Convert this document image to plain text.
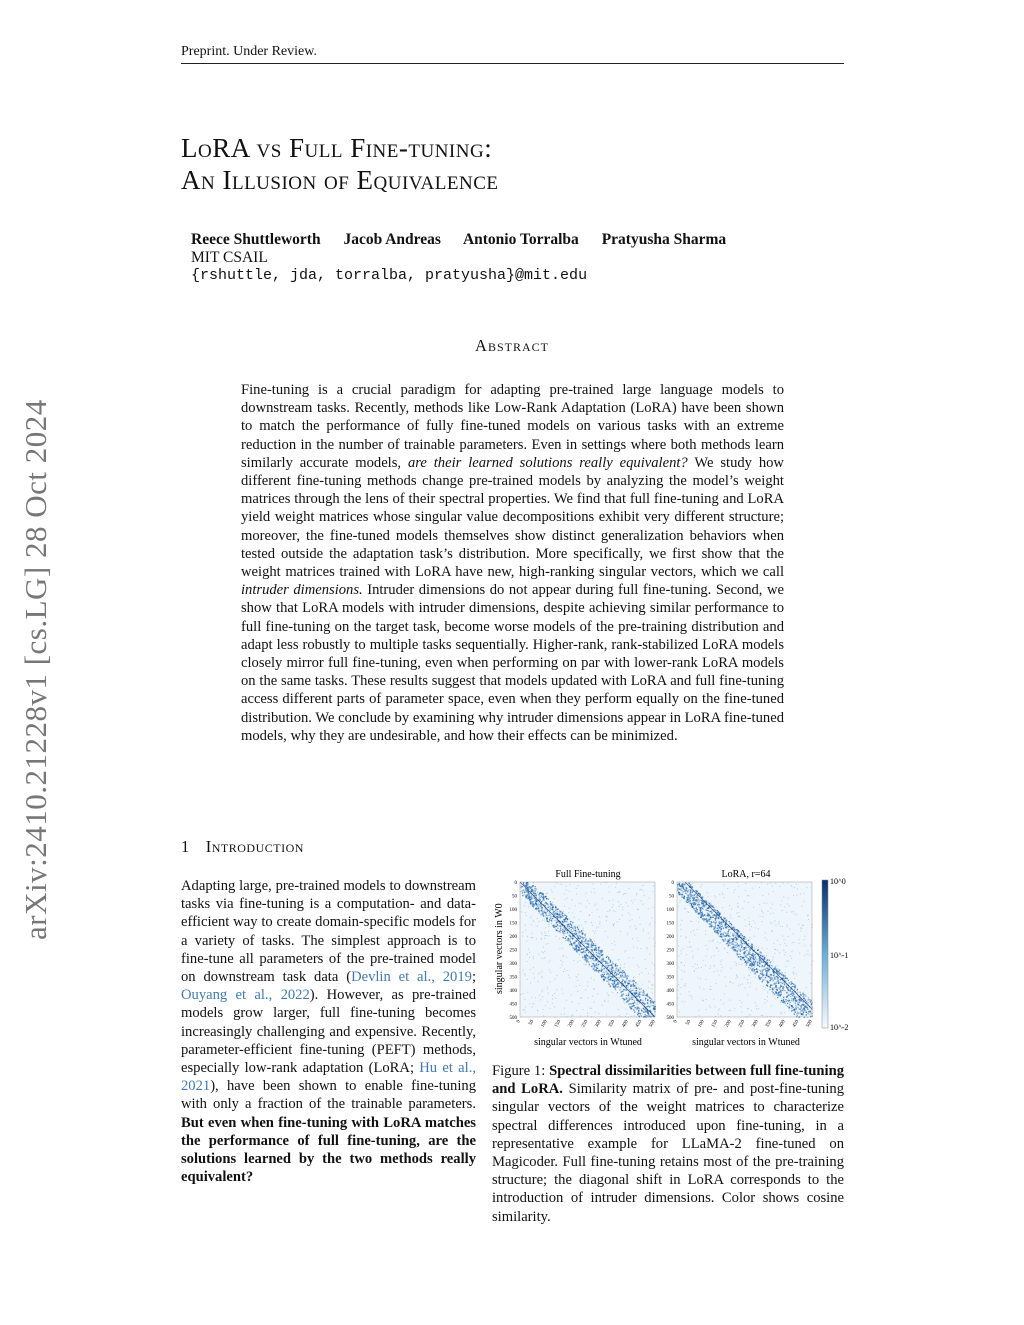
Preprint. Under Review.
arXiv:2410.21228v1 [cs.LG] 28 Oct 2024
LoRA vs Full Fine-tuning:
An Illusion of Equivalence
Reece Shuttleworth Jacob Andreas Antonio Torralba Pratyusha Sharma
MIT CSAIL
{rshuttle, jda, torralba, pratyusha}@mit.edu
Abstract
Fine-tuning is a crucial paradigm for adapting pre-trained large language models to downstream tasks. Recently, methods like Low-Rank Adaptation (LoRA) have been shown to match the performance of fully fine-tuned models on various tasks with an extreme reduction in the number of trainable parameters. Even in settings where both methods learn similarly accurate models, are their learned solutions really equivalent? We study how different fine-tuning methods change pre-trained models by analyzing the model’s weight matrices through the lens of their spectral properties. We find that full fine-tuning and LoRA yield weight matrices whose singular value decompositions exhibit very different structure; moreover, the fine-tuned models themselves show distinct generalization behaviors when tested outside the adaptation task’s distribution. More specifically, we first show that the weight matrices trained with LoRA have new, high-ranking singular vectors, which we call intruder dimensions. Intruder dimensions do not appear during full fine-tuning. Second, we show that LoRA models with intruder dimensions, despite achieving similar performance to full fine-tuning on the target task, become worse models of the pre-training distribution and adapt less robustly to multiple tasks sequentially. Higher-rank, rank-stabilized LoRA models closely mirror full fine-tuning, even when performing on par with lower-rank LoRA models on the same tasks. These results suggest that models updated with LoRA and full fine-tuning access different parts of parameter space, even when they perform equally on the fine-tuned distribution. We conclude by examining why intruder dimensions appear in LoRA fine-tuned models, why they are undesirable, and how their effects can be minimized.
1 Introduction
Adapting large, pre-trained models to downstream tasks via fine-tuning is a computation- and data-efficient way to create domain-specific models for a variety of tasks. The simplest approach is to fine-tune all parameters of the pre-trained model on downstream task data (Devlin et al., 2019; Ouyang et al., 2022). However, as pre-trained models grow larger, full fine-tuning becomes increasingly challenging and expensive. Recently, parameter-efficient fine-tuning (PEFT) methods, especially low-rank adaptation (LoRA; Hu et al., 2021), have been shown to enable fine-tuning with only a fraction of the trainable parameters. But even when fine-tuning with LoRA matches the performance of full fine-tuning, are the solutions learned by the two methods really equivalent?
0
0
50
50
100
100
150
150
200
200
250
250
300
300
350
350
400
400
450
450
500
500
0
0
50
50
100
100
150
150
200
200
250
250
300
300
350
350
400
400
450
450
500
500
10^0
10^-1
10^-2
Full Fine-tuning	LoRA, r=64
singular vectors in W0
singular vectors in Wtuned	singular vectors in Wtuned
Figure 1: Spectral dissimilarities between full fine-tuning and LoRA. Similarity matrix of pre- and post-fine-tuning singular vectors of the weight matrices to characterize spectral differences introduced upon fine-tuning, in a representative example for LLaMA-2 fine-tuned on Magicoder. Full fine-tuning retains most of the pre-training structure; the diagonal shift in LoRA corresponds to the introduction of intruder dimensions. Color shows cosine similarity.
